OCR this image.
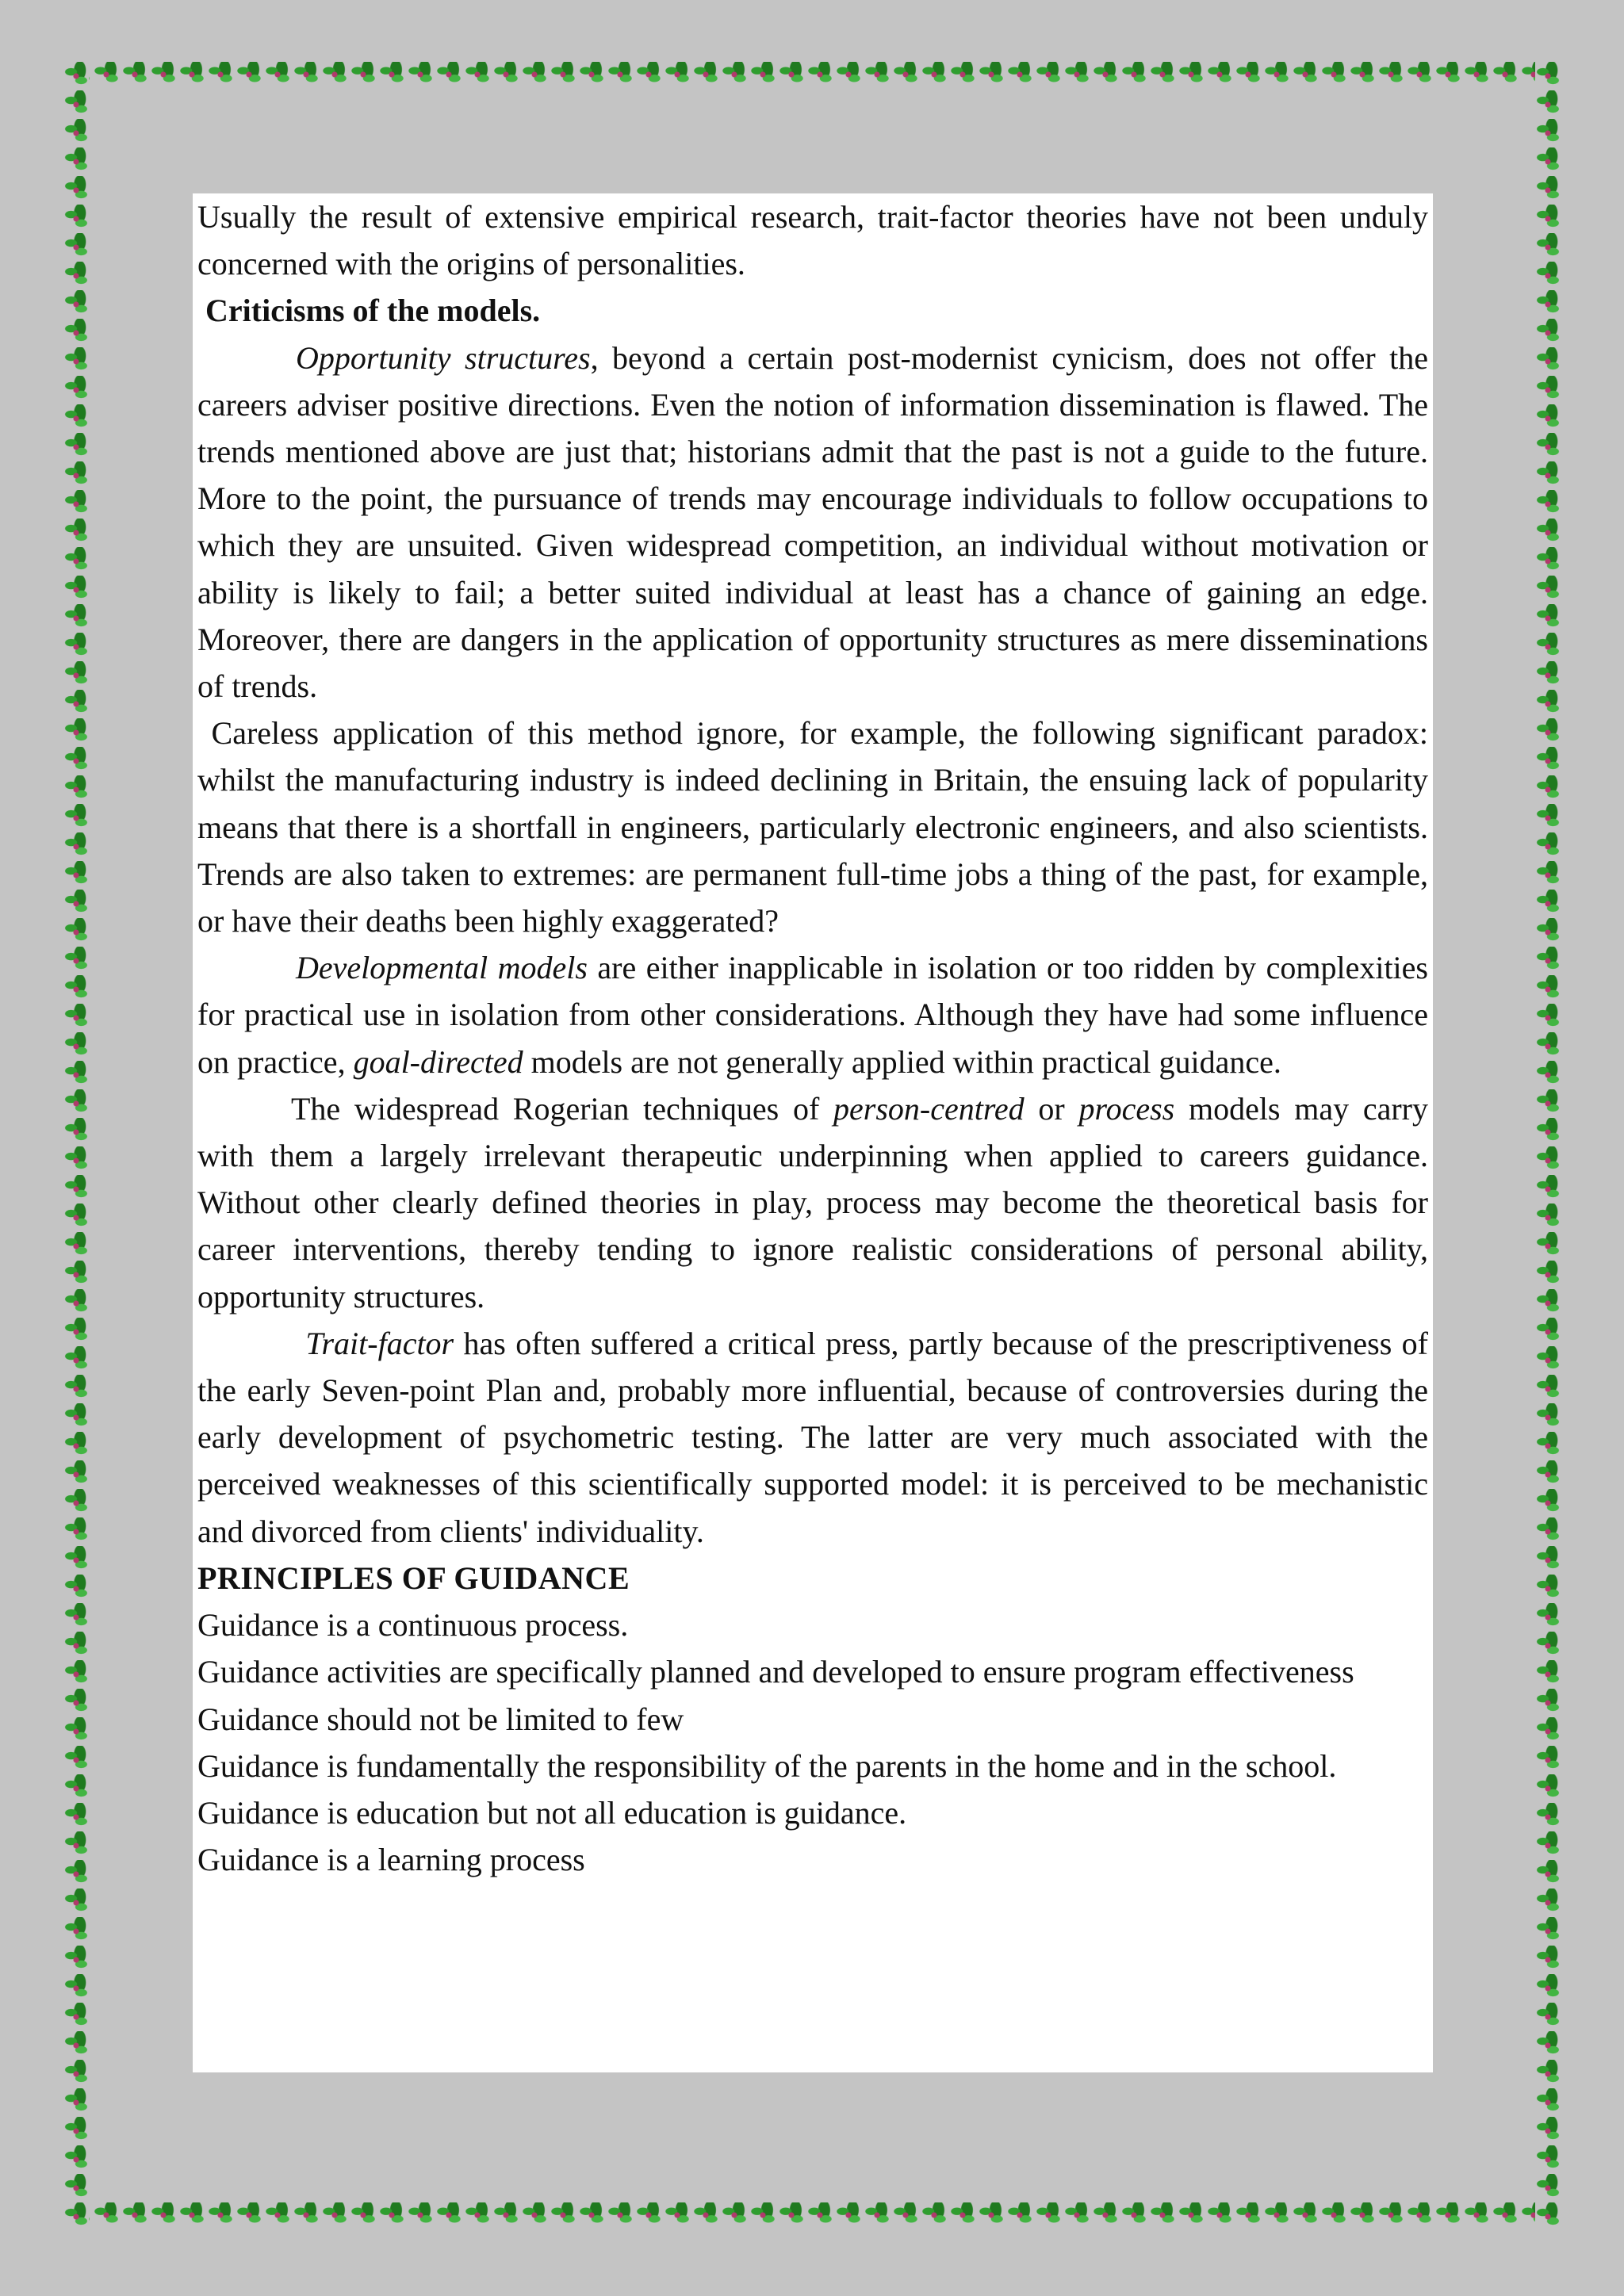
Usually the result of extensive empirical research, trait-factor theories have not been unduly concerned with the origins of personalities.

Criticisms of the models.

Opportunity structures, beyond a certain post-modernist cynicism, does not offer the careers adviser positive directions. Even the notion of information dissemination is flawed. The trends mentioned above are just that; historians admit that the past is not a guide to the future. More to the point, the pursuance of trends may encourage individuals to follow occupations to which they are unsuited. Given widespread competition, an individual without motivation or ability is likely to fail; a better suited individual at least has a chance of gaining an edge. Moreover, there are dangers in the application of opportunity structures as mere disseminations of trends.

Careless application of this method ignore, for example, the following significant paradox: whilst the manufacturing industry is indeed declining in Britain, the ensuing lack of popularity means that there is a shortfall in engineers, particularly electronic engineers, and also scientists. Trends are also taken to extremes: are permanent full-time jobs a thing of the past, for example, or have their deaths been highly exaggerated?

Developmental models are either inapplicable in isolation or too ridden by complexities for practical use in isolation from other considerations. Although they have had some influence on practice, goal-directed models are not generally applied within practical guidance.

The widespread Rogerian techniques of person-centred or process models may carry with them a largely irrelevant therapeutic underpinning when applied to careers guidance. Without other clearly defined theories in play, process may become the theoretical basis for career interventions, thereby tending to ignore realistic considerations of personal ability, opportunity structures.

Trait-factor has often suffered a critical press, partly because of the prescriptiveness of the early Seven-point Plan and, probably more influential, because of controversies during the early development of psychometric testing. The latter are very much associated with the perceived weaknesses of this scientifically supported model: it is perceived to be mechanistic and divorced from clients' individuality.

PRINCIPLES OF GUIDANCE

Guidance is a continuous process.

Guidance activities are specifically planned and developed to ensure program effectiveness

Guidance should not be limited to few

Guidance is fundamentally the responsibility of the parents in the home and in the school.

Guidance is education but not all education is guidance.

Guidance is a learning process
